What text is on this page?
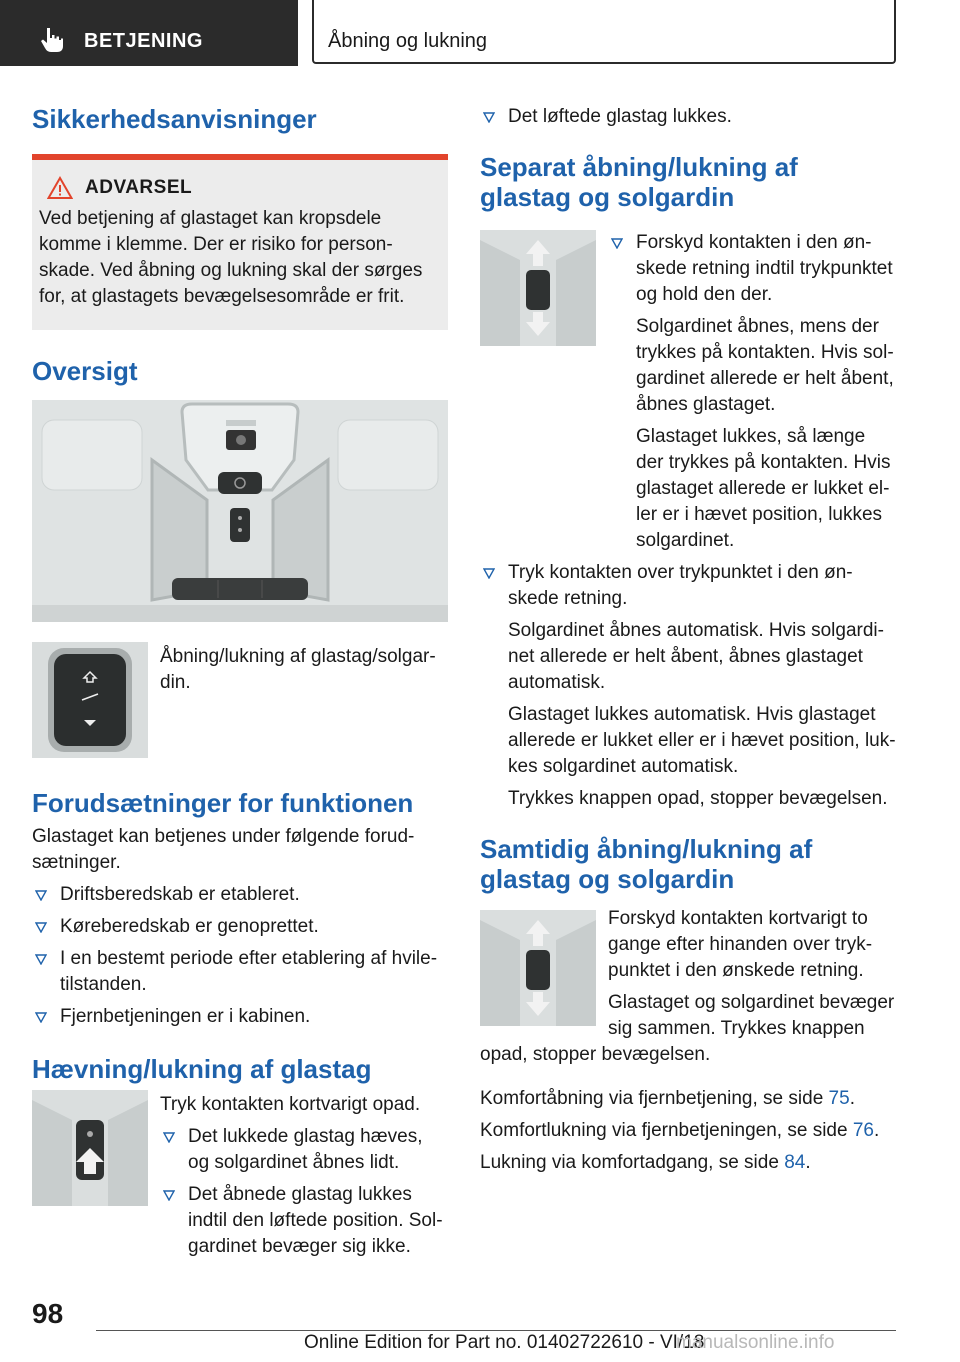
BETJENING	Åbning og lukning
Sikkerhedsanvisninger
ADVARSEL

Ved betjening af glastaget kan kropsdele komme i klemme. Der er risiko for personskade. Ved åbning og lukning skal der sørges for, at glastagets bevægelsesområde er frit.

Oversigt

Åbning/lukning af glastag/solgardin.

Forudsætninger for funktionen

Glastaget kan betjenes under følgende forudsætninger.

Driftsberedskab er etableret.
Køreberedskab er genoprettet.
I en bestemt periode efter etablering af hviletilstanden.
Fjernbetjeningen er i kabinen.
Hævning/lukning af glastag

Tryk kontakten kortvarigt opad.

Det lukkede glastag hæves, og solgardinet åbnes lidt.
Det åbnede glastag lukkes indtil den løftede position. Solgardinet bevæger sig ikke.
Det løftede glastag lukkes.
Separat åbning/lukning af glastag og solgardin
Forskyd kontakten i den ønskede retning indtil trykpunktet og hold den der.
Solgardinet åbnes, mens der trykkes på kontakten. Hvis solgardinet allerede er helt åbent, åbnes glastaget.
Glastaget lukkes, så længe der trykkes på kontakten. Hvis glastaget allerede er lukket eller er i hævet position, lukkes solgardinet.
Tryk kontakten over trykpunktet i den ønskede retning.
Solgardinet åbnes automatisk. Hvis solgardinet allerede er helt åbent, åbnes glastaget automatisk.
Glastaget lukkes automatisk. Hvis glastaget allerede er lukket eller er i hævet position, lukkes solgardinet automatisk.
Trykkes knappen opad, stopper bevægelsen.
Samtidig åbning/lukning af glastag og solgardin

Forskyd kontakten kortvarigt to gange efter hinanden over trykpunktet i den ønskede retning.

Glastaget og solgardinet bevæger sig sammen. Trykkes knappen opad, stopper bevægelsen.

Komfortåbning via fjernbetjening, se side 75.

Komfortlukning via fjernbetjeningen, se side 76.

Lukning via komfortadgang, se side 84.

98
Online Edition for Part no. 01402722610 - VI/18
manualsonline.info
